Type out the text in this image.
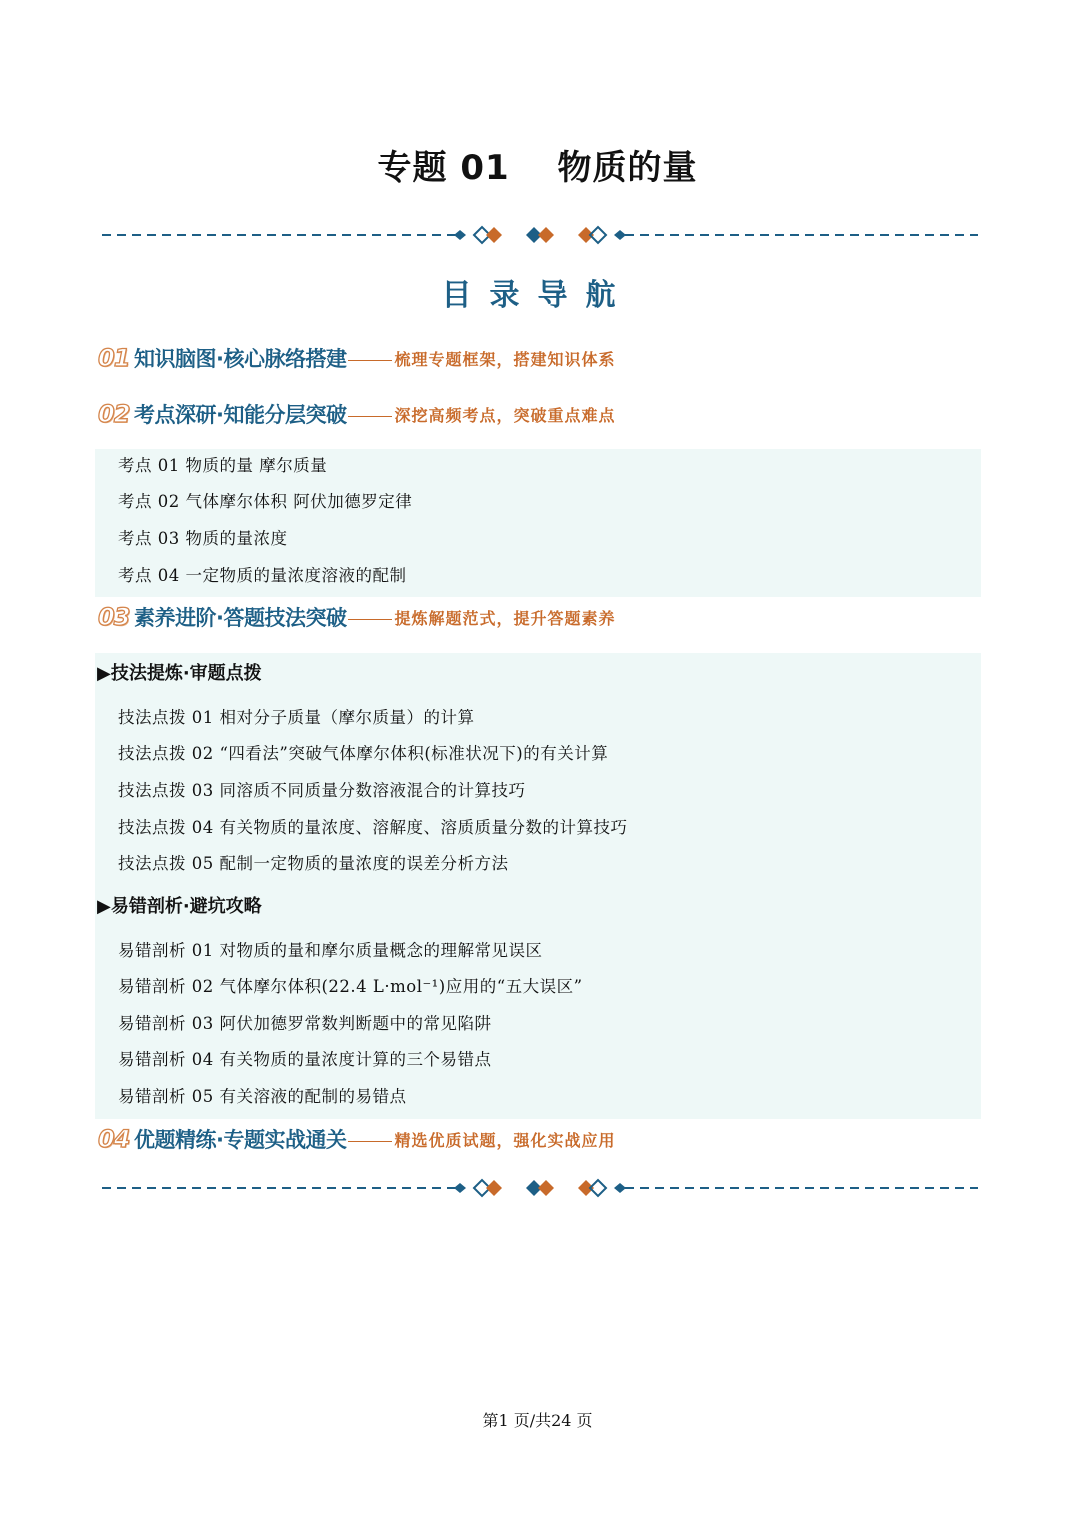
专题 01　 物质的量
目录导航
01 知识脑图·核心脉络搭建	梳理专题框架，搭建知识体系
02 考点深研·知能分层突破	深挖高频考点，突破重点难点
考点 01 物质的量 摩尔质量
考点 02 气体摩尔体积 阿伏加德罗定律
考点 03 物质的量浓度
考点 04 一定物质的量浓度溶液的配制
03 素养进阶·答题技法突破	提炼解题范式，提升答题素养
▶技法提炼·审题点拨
技法点拨 01 相对分子质量（摩尔质量）的计算
技法点拨 02 “四看法”突破气体摩尔体积(标准状况下)的有关计算
技法点拨 03 同溶质不同质量分数溶液混合的计算技巧
技法点拨 04 有关物质的量浓度、溶解度、溶质质量分数的计算技巧
技法点拨 05 配制一定物质的量浓度的误差分析方法
▶易错剖析·避坑攻略
易错剖析 01 对物质的量和摩尔质量概念的理解常见误区
易错剖析 02 气体摩尔体积(22.4 L·mol⁻¹)应用的“五大误区”
易错剖析 03 阿伏加德罗常数判断题中的常见陷阱
易错剖析 04 有关物质的量浓度计算的三个易错点
易错剖析 05 有关溶液的配制的易错点
04 优题精练·专题实战通关	精选优质试题，强化实战应用
第1 页/共24 页
